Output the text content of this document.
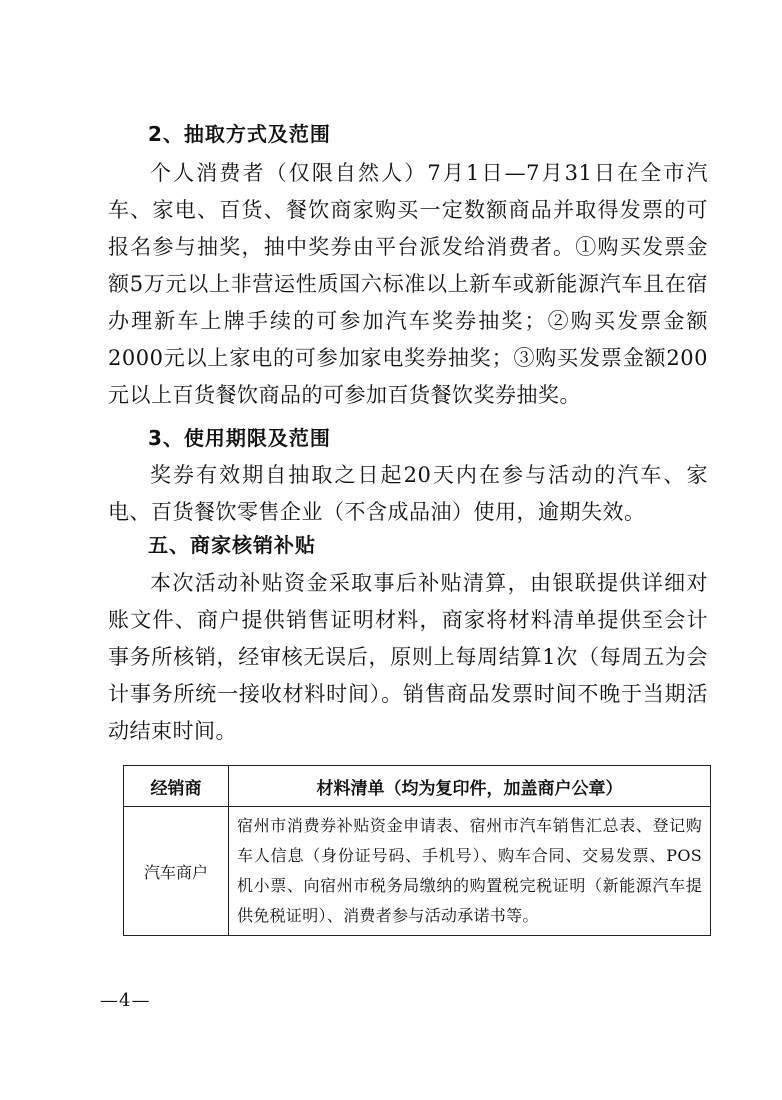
2、抽取方式及范围

个人消费者（仅限自然人）7月1日—7月31日在全市汽车、家电、百货、餐饮商家购买一定数额商品并取得发票的可报名参与抽奖，抽中奖券由平台派发给消费者。①购买发票金额5万元以上非营运性质国六标准以上新车或新能源汽车且在宿办理新车上牌手续的可参加汽车奖券抽奖；②购买发票金额2000元以上家电的可参加家电奖券抽奖；③购买发票金额200元以上百货餐饮商品的可参加百货餐饮奖券抽奖。

3、使用期限及范围

奖券有效期自抽取之日起20天内在参与活动的汽车、家电、百货餐饮零售企业（不含成品油）使用，逾期失效。

五、商家核销补贴

本次活动补贴资金采取事后补贴清算，由银联提供详细对账文件、商户提供销售证明材料，商家将材料清单提供至会计事务所核销，经审核无误后，原则上每周结算1次（每周五为会计事务所统一接收材料时间）。销售商品发票时间不晚于当期活动结束时间。

经销商	材料清单（均为复印件，加盖商户公章）
汽车商户	宿州市消费券补贴资金申请表、宿州市汽车销售汇总表、登记购车人信息（身份证号码、手机号）、购车合同、交易发票、POS机小票、向宿州市税务局缴纳的购置税完税证明（新能源汽车提供免税证明）、消费者参与活动承诺书等。
—4—
